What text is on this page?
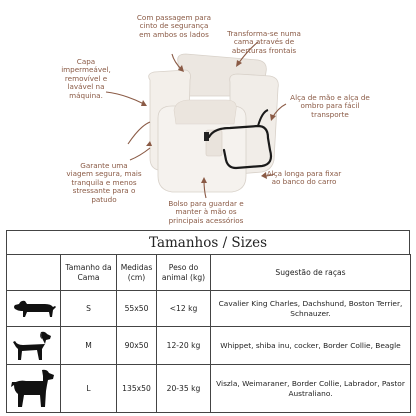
Com passagem para cinto de segurança em ambos os lados	Transforma-se numa cama através de aberturas frontais
Capa impermeável, removível e lavável na máquina.	Alça de mão e alça de ombro para fácil transporte
Garante uma viagem segura, mais tranquila e menos stressante para o patudo
Alça longa para fixar ao banco do carro
Bolso para guardar e manter à mão os principais acessórios
Tamanhos / Sizes
	Tamanho da Cama	Medidas (cm)	Peso do animal (kg)	Sugestão de raças

	S	55x50	<12 kg	Cavalier King Charles, Dachshund, Boston Terrier, Schnauzer.

	M	90x50	12-20 kg	Whippet, shiba inu, cocker, Border Collie, Beagle

	L	135x50	20-35 kg	Viszla, Weimaraner, Border Collie, Labrador, Pastor Australiano.
